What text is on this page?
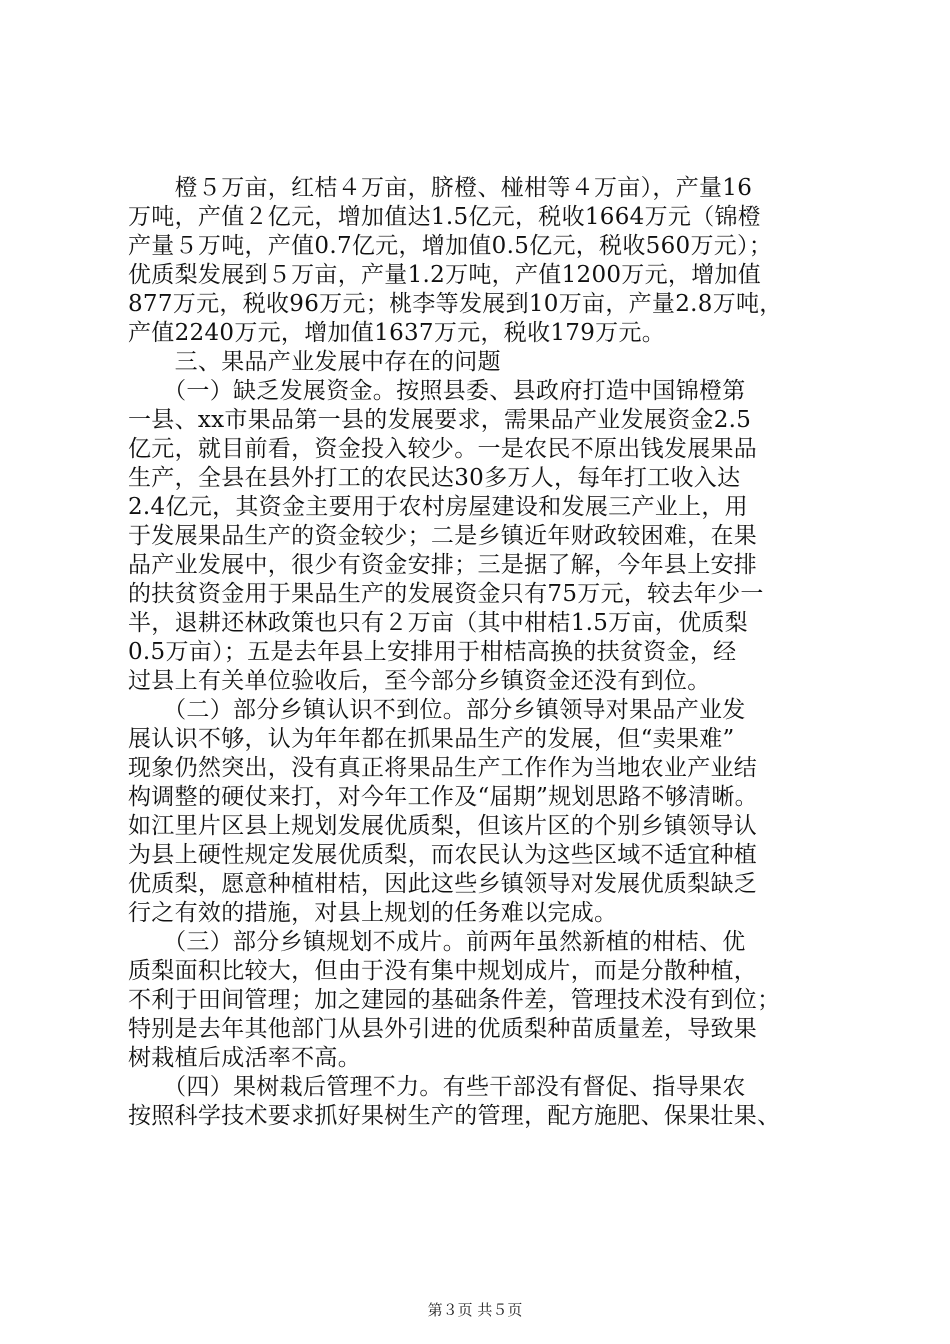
　　橙５万亩，红桔４万亩，脐橙、椪柑等４万亩），产量16
万吨，产值２亿元，增加值达1.5亿元，税收1664万元（锦橙
产量５万吨，产值0.7亿元，增加值0.5亿元，税收560万元）；
优质梨发展到５万亩，产量1.2万吨，产值1200万元，增加值
877万元，税收96万元；桃李等发展到10万亩，产量2.8万吨，
产值2240万元，增加值1637万元，税收179万元。
　　三、果品产业发展中存在的问题
　　（一）缺乏发展资金。按照县委、县政府打造中国锦橙第
一县、xx市果品第一县的发展要求，需果品产业发展资金2.5
亿元，就目前看，资金投入较少。一是农民不原出钱发展果品
生产，全县在县外打工的农民达30多万人，每年打工收入达
2.4亿元，其资金主要用于农村房屋建设和发展三产业上，用
于发展果品生产的资金较少；二是乡镇近年财政较困难，在果
品产业发展中，很少有资金安排；三是据了解，今年县上安排
的扶贫资金用于果品生产的发展资金只有75万元，较去年少一
半，退耕还林政策也只有２万亩（其中柑桔1.5万亩，优质梨
0.5万亩）；五是去年县上安排用于柑桔高换的扶贫资金，经
过县上有关单位验收后，至今部分乡镇资金还没有到位。
　　（二）部分乡镇认识不到位。部分乡镇领导对果品产业发
展认识不够，认为年年都在抓果品生产的发展，但“卖果难”
现象仍然突出，没有真正将果品生产工作作为当地农业产业结
构调整的硬仗来打，对今年工作及“届期”规划思路不够清晰。
如江里片区县上规划发展优质梨，但该片区的个别乡镇领导认
为县上硬性规定发展优质梨，而农民认为这些区域不适宜种植
优质梨，愿意种植柑桔，因此这些乡镇领导对发展优质梨缺乏
行之有效的措施，对县上规划的任务难以完成。
　　（三）部分乡镇规划不成片。前两年虽然新植的柑桔、优
质梨面积比较大，但由于没有集中规划成片，而是分散种植，
不利于田间管理；加之建园的基础条件差，管理技术没有到位；
特别是去年其他部门从县外引进的优质梨种苗质量差，导致果
树栽植后成活率不高。
　　（四）果树栽后管理不力。有些干部没有督促、指导果农
按照科学技术要求抓好果树生产的管理，配方施肥、保果壮果、
第３页 共５页
